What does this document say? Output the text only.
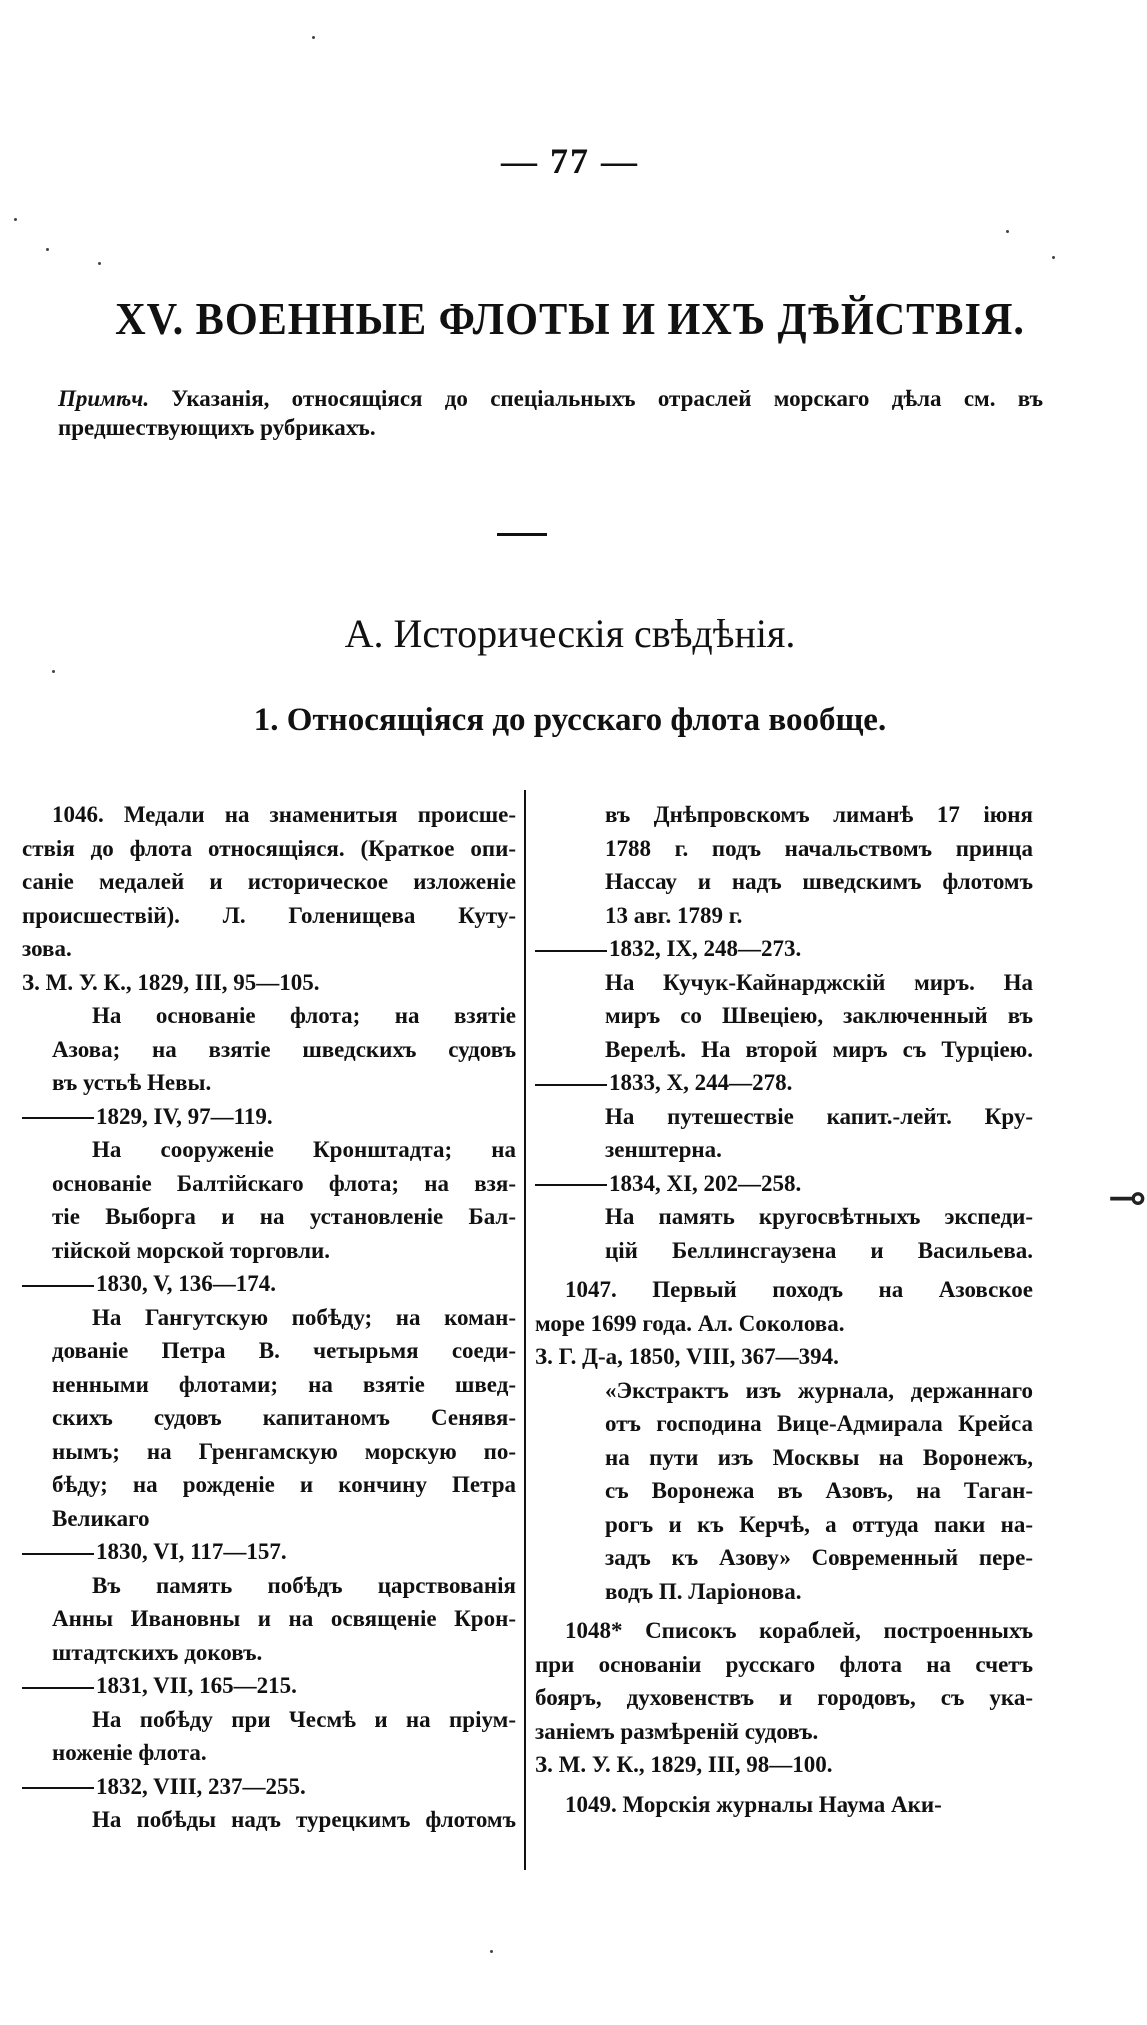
— 77 —
XV. ВОЕННЫЕ ФЛОТЫ И ИХЪ ДѢЙСТВІЯ.
Примѣч. Указанія, относящіяся до спеціальныхъ отраслей морскаго дѣла см. въ предшествующихъ рубрикахъ.
А. Историческія свѣдѣнія.
1. Относящіяся до русскаго флота вообще.
1046. Медали на знаменитыя происше-
ствія до флота относящіяся. (Краткое опи-
саніе медалей и историческое изложеніе
происшествій). Л. Голенищева Куту-
зова.
З. М. У. К., 1829, III, 95—105.
На основаніе флота; на взятіе
Азова; на взятіе шведскихъ судовъ
въ устьѣ Невы.
1829, IV, 97—119.
На сооруженіе Кронштадта; на
основаніе Балтійскаго флота; на взя-
тіе Выборга и на установленіе Бал-
тійской морской торговли.
1830, V, 136—174.
На Гангутскую побѣду; на коман-
дованіе Петра В. четырьмя соеди-
ненными флотами; на взятіе швед-
скихъ судовъ капитаномъ Сенявя-
нымъ; на Гренгамскую морскую по-
бѣду; на рожденіе и кончину Петра
Великаго
1830, VI, 117—157.
Въ память побѣдъ царствованія
Анны Ивановны и на освященіе Крон-
штадтскихъ доковъ.
1831, VII, 165—215.
На побѣду при Чесмѣ и на пріум-
ноженіе флота.
1832, VIII, 237—255.
На побѣды надъ турецкимъ флотомъ
въ Днѣпровскомъ лиманѣ 17 іюня
1788 г. подъ начальствомъ принца
Нассау и надъ шведскимъ флотомъ
13 авг. 1789 г.
1832, IX, 248—273.
На Кучук-Кайнарджскій миръ. На
миръ со Швеціею, заключенный въ
Верелѣ. На второй миръ съ Турціею.
1833, X, 244—278.
На путешествіе капит.-лейт. Кру-
зенштерна.
1834, XI, 202—258.
На память кругосвѣтныхъ экспеди-
цій Беллинсгаузена и Васильева.
1047. Первый походъ на Азовское
море 1699 года. Ал. Соколова.
З. Г. Д-а, 1850, VIII, 367—394.
«Экстрактъ изъ журнала, держаннаго
отъ господина Вице-Адмирала Крейса
на пути изъ Москвы на Воронежъ,
съ Воронежа въ Азовъ, на Таган-
рогъ и къ Керчѣ, а оттуда паки на-
задъ къ Азову» Современный пере-
водъ П. Ларіонова.
1048* Списокъ кораблей, построенныхъ
при основаніи русскаго флота на счетъ
бояръ, духовенствъ и городовъ, съ ука-
заніемъ размѣреній судовъ.
З. М. У. К., 1829, III, 98—100.
1049. Морскія журналы Наума Аки-
⊸
